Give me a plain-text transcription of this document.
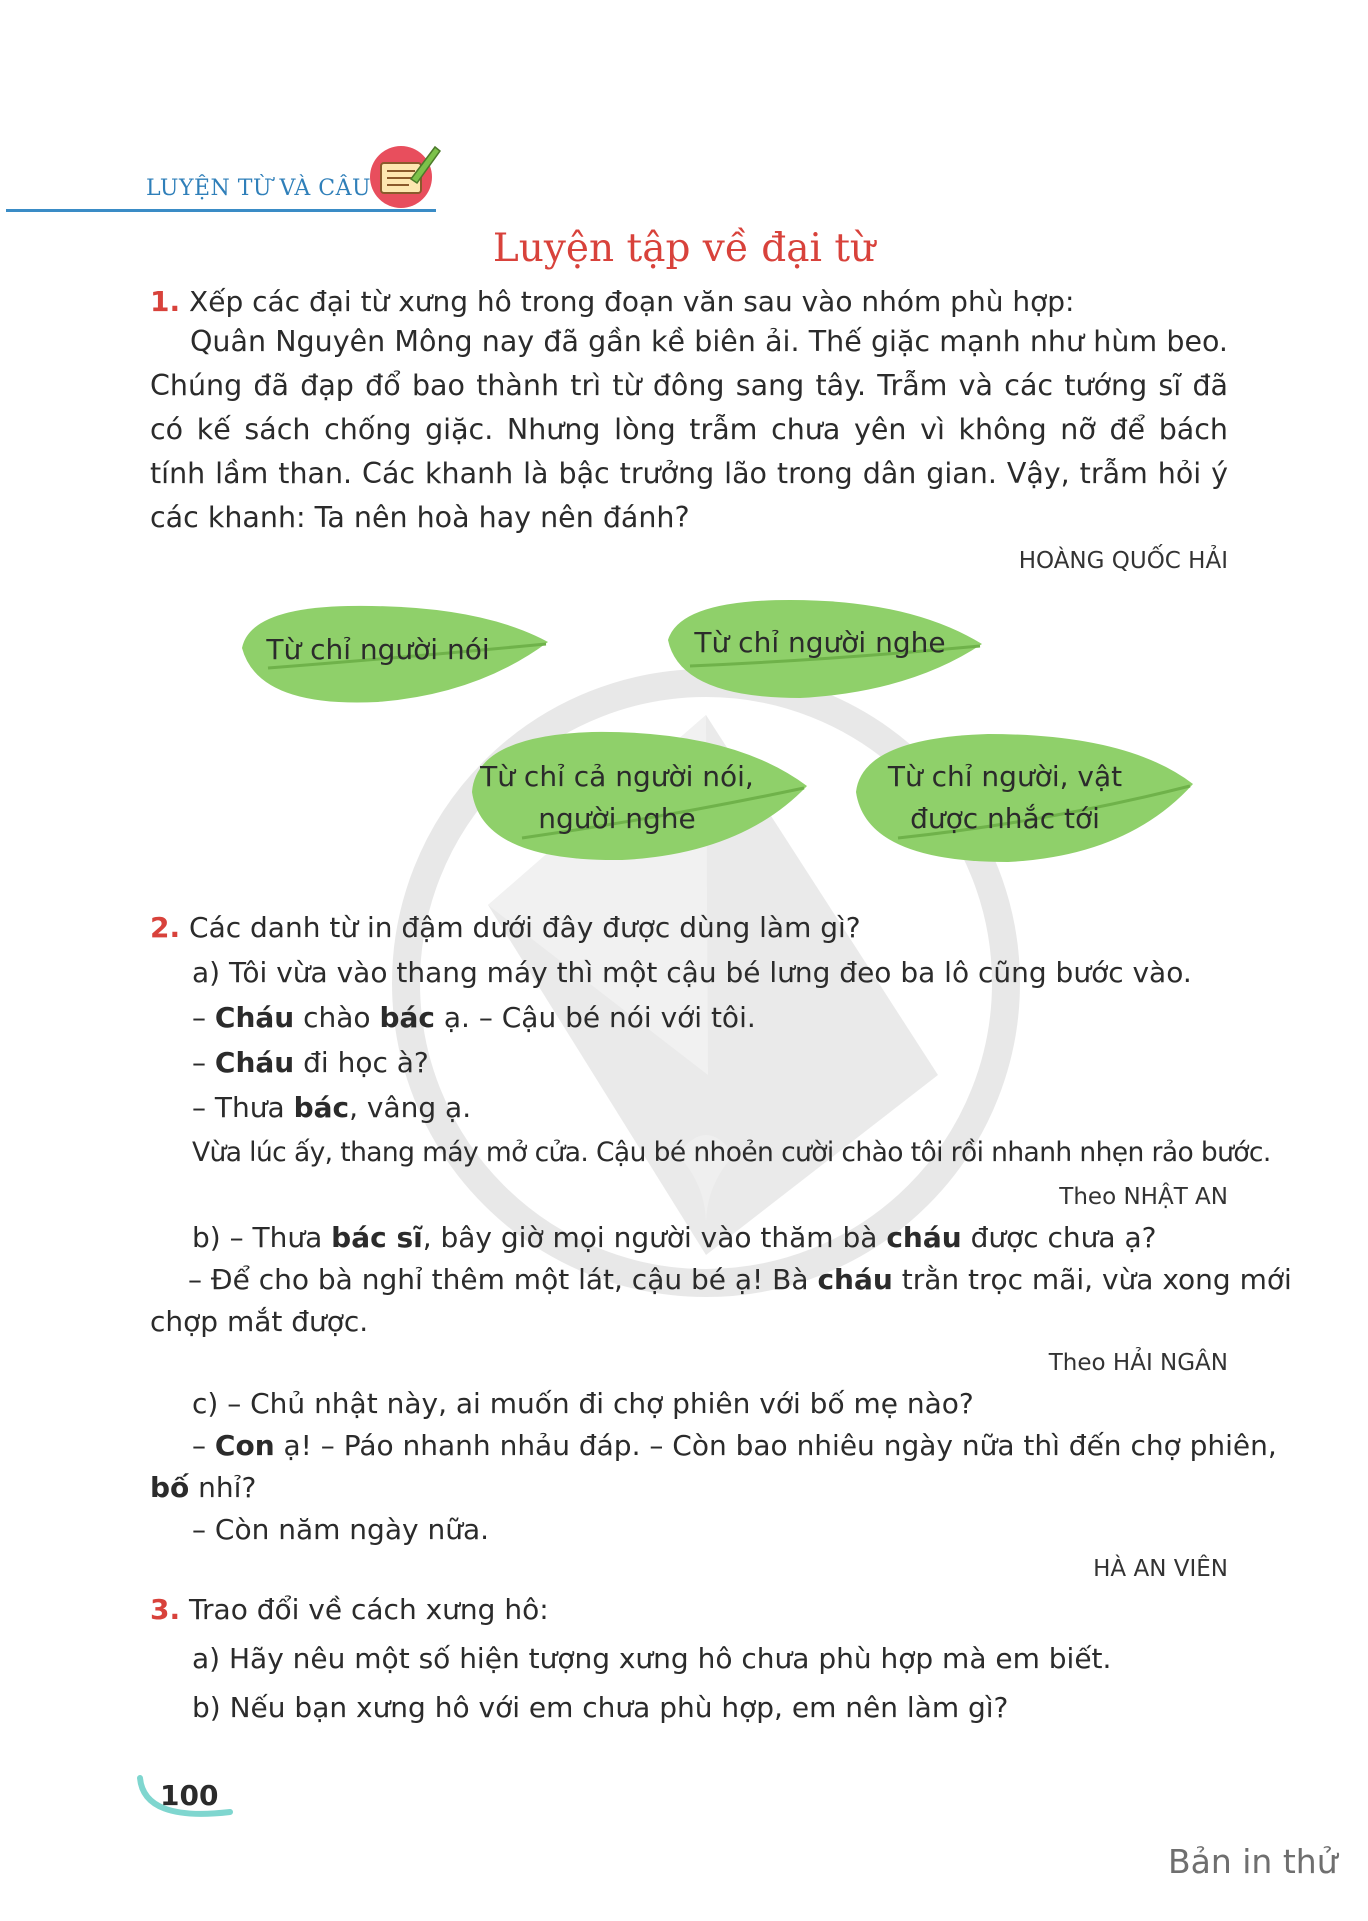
LUYỆN TỪ VÀ CÂU
Luyện tập về đại từ
1. Xếp các đại từ xưng hô trong đoạn văn sau vào nhóm phù hợp:

Quân Nguyên Mông nay đã gần kề biên ải. Thế giặc mạnh như hùm beo. Chúng đã đạp đổ bao thành trì từ đông sang tây. Trẫm và các tướng sĩ đã có kế sách chống giặc. Nhưng lòng trẫm chưa yên vì không nỡ để bách tính lầm than. Các khanh là bậc trưởng lão trong dân gian. Vậy, trẫm hỏi ý các khanh: Ta nên hoà hay nên đánh?

HOÀNG QUỐC HẢI
Từ chỉ người nói	Từ chỉ người nghe
Từ chỉ cả người nói,
người nghe
Từ chỉ người, vật
được nhắc tới
2. Các danh từ in đậm dưới đây được dùng làm gì?
a) Tôi vừa vào thang máy thì một cậu bé lưng đeo ba lô cũng bước vào.
– Cháu chào bác ạ. – Cậu bé nói với tôi.
– Cháu đi học à?
– Thưa bác, vâng ạ.
Vừa lúc ấy, thang máy mở cửa. Cậu bé nhoẻn cười chào tôi rồi nhanh nhẹn rảo bước.
Theo NHẬT AN
b) – Thưa bác sĩ, bây giờ mọi người vào thăm bà cháu được chưa ạ?
– Để cho bà nghỉ thêm một lát, cậu bé ạ! Bà cháu trằn trọc mãi, vừa xong mới
chợp mắt được.
Theo HẢI NGÂN
c) – Chủ nhật này, ai muốn đi chợ phiên với bố mẹ nào?
– Con ạ! – Páo nhanh nhảu đáp. – Còn bao nhiêu ngày nữa thì đến chợ phiên,
bố nhỉ?
– Còn năm ngày nữa.
HÀ AN VIÊN
3. Trao đổi về cách xưng hô:
a) Hãy nêu một số hiện tượng xưng hô chưa phù hợp mà em biết.
b) Nếu bạn xưng hô với em chưa phù hợp, em nên làm gì?
100
Bản in thử
